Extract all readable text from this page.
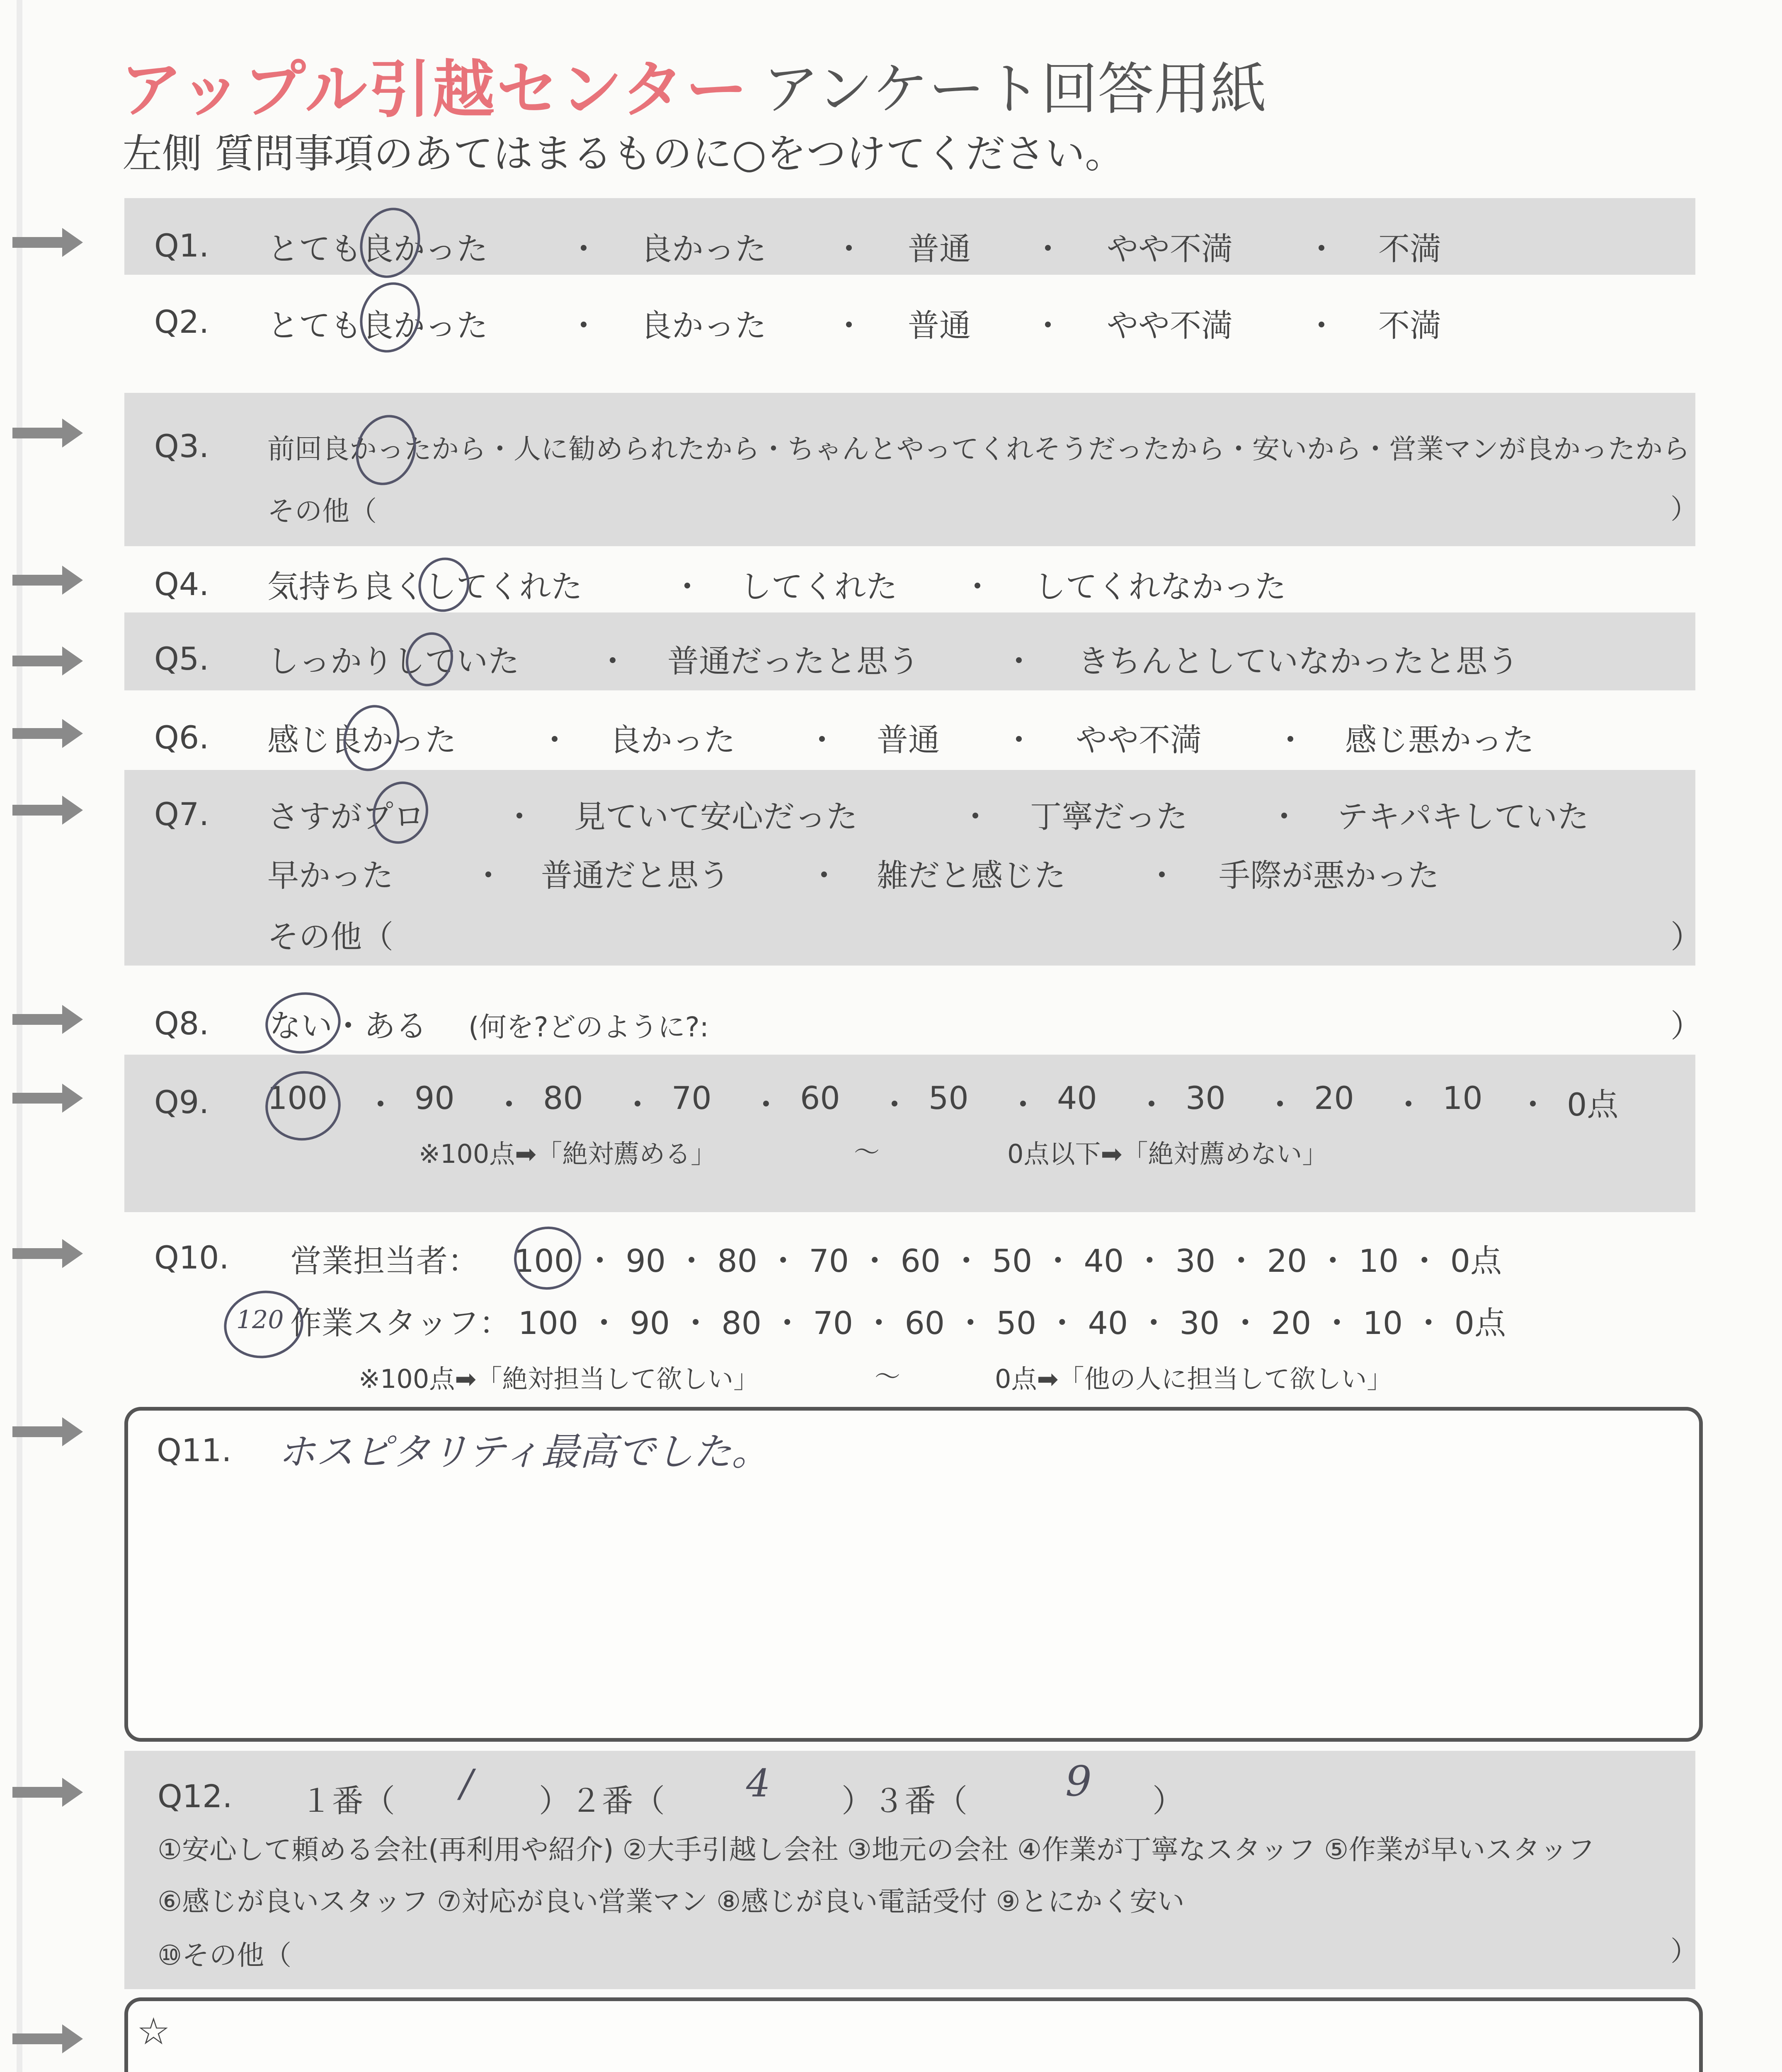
アップル引越センター アンケート回答用紙
左側 質問事項のあてはまるものに○をつけてください。
Q1. とても良かった	・ 良かった ・ 普通 ・ やや不満 ・ 不満
Q2. とても良かった	・ 良かった ・ 普通 ・ やや不満 ・ 不満
Q3. 前回良かったから・人に勧められたから・ちゃんとやってくれそうだったから・安いから・営業マンが良かったから
その他（	）
Q4. 気持ち良くしてくれた	・ してくれた ・ してくれなかった
Q5. しっかりしていた ・ 普通だったと思う	・ きちんとしていなかったと思う
Q6. 感じ良かった	・ 良かった ・ 普通 ・ やや不満 ・ 感じ悪かった
Q7. さすがプロ	・ 見ていて安心だった	・ 丁寧だった	・ テキパキしていた
早かった	・ 普通だと思う ・ 雑だと感じた	・ 手際が悪かった
その他（	）
Q8. ない・ある (何を?どのように?:	）
Q9. 100 ・ 90 ・ 80 ・ 70 ・ 60 ・ 50 ・ 40 ・ 30 ・ 20 ・ 10 ・ 0点
※100点➡「絶対薦める」	～	0点以下➡「絶対薦めない」
Q10. 営業担当者： 100 ・ 90 ・ 80 ・ 70 ・ 60 ・ 50 ・ 40 ・ 30 ・ 20 ・ 10 ・ 0点
作業スタッフ： 100 ・ 90 ・ 80 ・ 70 ・ 60 ・ 50 ・ 40 ・ 30 ・ 20 ・ 10 ・ 0点
※100点➡「絶対担当して欲しい」	～	0点➡「他の人に担当して欲しい」
120
Q11. ホスピタリティ最高でした。
Q12. １番（ / ）２番（ 4 ）３番（ 9 ）
①安心して頼める会社(再利用や紹介) ②大手引越し会社 ③地元の会社 ④作業が丁寧なスタッフ ⑤作業が早いスタッフ
⑥感じが良いスタッフ ⑦対応が良い営業マン ⑧感じが良い電話受付 ⑨とにかく安い
⑩その他（	）
☆
